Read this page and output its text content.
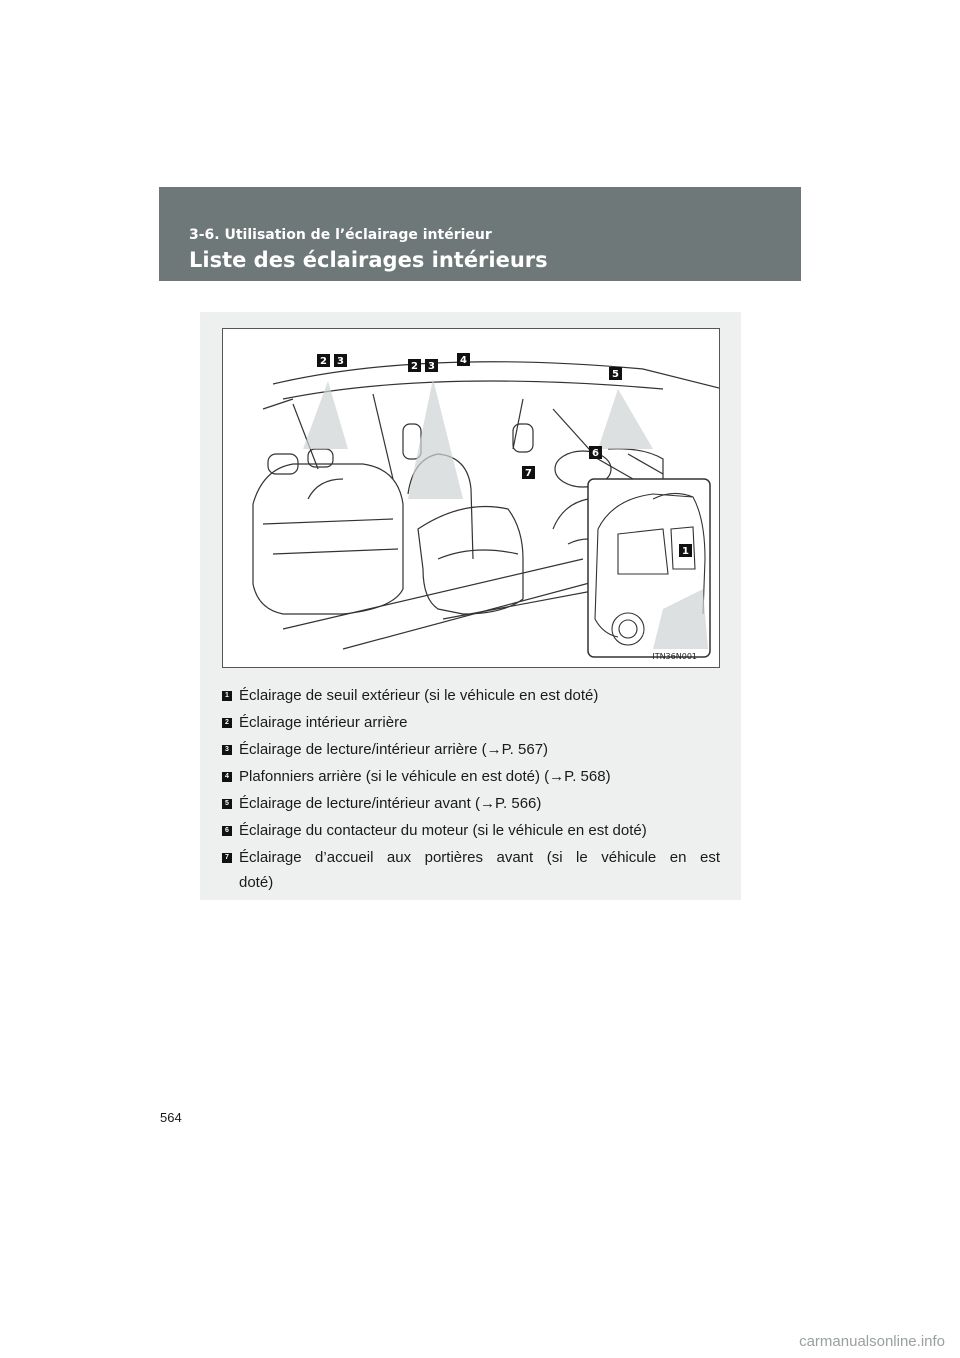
3-6. Utilisation de l’éclairage intérieur
Liste des éclairages intérieurs
2 3	2 3
4
5
6
7
1
ITN36N001
1 Éclairage de seuil extérieur (si le véhicule en est doté)
2 Éclairage intérieur arrière
3 Éclairage de lecture/intérieur arrière (→P. 567)
4 Plafonniers arrière (si le véhicule en est doté) (→P. 568)
5 Éclairage de lecture/intérieur avant (→P. 566)
6 Éclairage du contacteur du moteur (si le véhicule en est doté)
7 Éclairage d’accueil aux portières avant (si le véhicule en est
doté)
564
carmanualsonline.info
